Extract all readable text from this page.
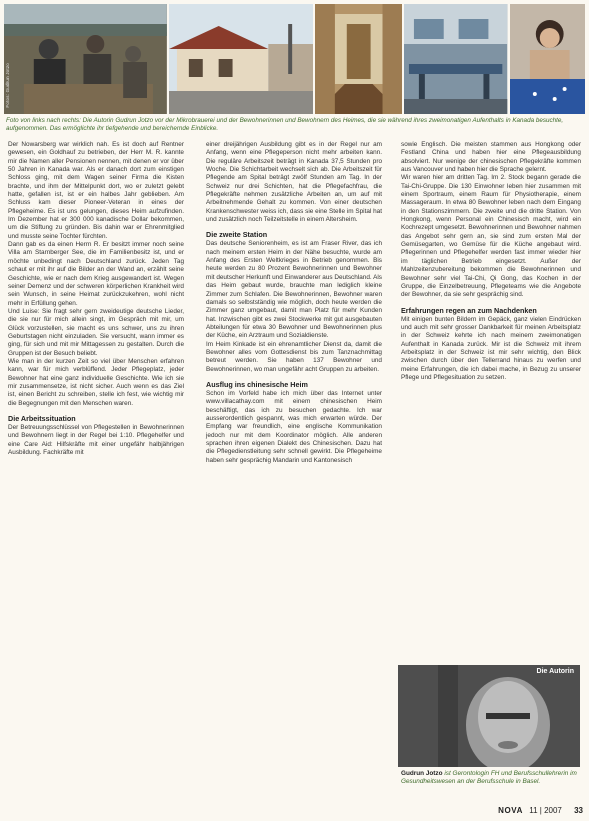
Fotos: Gudrun Jotzo
Foto von links nach rechts: Die Autorin Gudrun Jotzo vor der Mikrobrauerei und der Bewohnerinnen und Bewohnern des Heimes, die sie während ihres zweimonatigen Aufenthalts in Kanada besuchte, aufgenommen. Das ermöglichte ihr tiefgehende und bereichernde Einblicke.

Der Nowarsberg war wirklich nah. Es ist doch auf Rentner gewesen, ein Goldhauf zu betrieben, der Herr M. R. kannte mir die Namen aller Pensionen nennen, mit denen er vor über 50 Jahren in Kanada war. Als er danach dort zum einstigen Schloss ging, mit dem Wagen seiner Firma die Kisten brachte, und ihm der Mittelpunkt dort, wo er zuletzt gelebt hatte, gefallen ist, ist er ein halbes Jahr geblieben. Am Schluss kam dieser Pioneer-Veteran in eines der Pflegeheime. Es ist uns gelungen, dieses Heim aufzufinden. Im Dezember hat er 300 000 kanadische Dollar bekommen, um die Stiftung zu gründen. Bis dahin war er Ehrenmitglied und musste seine Tochter fürchten.

Dann gab es da einen Herrn R. Er besitzt immer noch seine Villa am Starnberger See, die im Familienbesitz ist, und er möchte unbedingt nach Deutschland zurück. Jeden Tag schaut er mit ihr auf die Bilder an der Wand an, erzählt seine Geschichte, wie er nach dem Krieg ausgewandert ist. Wegen seiner Demenz und der schweren körperlichen Krankheit wird sein Wunsch, in seine Heimat zurückzukehren, wohl nicht mehr in Erfüllung gehen.

Und Luise: Sie fragt sehr gern zweideutige deutsche Lieder, die sie nur für mich allein singt, im Gespräch mit mir, um Glück vorzustellen, sie macht es uns schwer, uns zu ihren Geburtstagen nicht einzuladen. Sie versucht, wann immer es ging, für sich und mit mir Mittagessen zu gestalten. Durch die Gruppen ist der Besuch beliebt.

Wie man in der kurzen Zeit so viel über Menschen erfahren kann, war für mich verblüffend. Jeder Pflegeplatz, jeder Bewohner hat eine ganz individuelle Geschichte. Wie ich sie mir zusammensetze, ist nicht sicher. Auch wenn es das Ziel ist, einen Bericht zu schreiben, stelle ich fest, wie wichtig mir die Begegnungen mit den Menschen waren.

Die Arbeitssituation

Der Betreuungsschlüssel von Pflegestellen in Bewohnerinnen und Bewohnern liegt in der Regel bei 1:10. Pflegehelfer und eine Care Aid: Hilfskräfte mit einer ungefähr halbjährigen Ausbildung. Fachkräfte mit

einer dreijährigen Ausbildung gibt es in der Regel nur am Anfang, wenn eine Pflegeperson nicht mehr arbeiten kann. Die reguläre Arbeitszeit beträgt in Kanada 37,5 Stunden pro Woche. Die Schichtarbeit wechselt sich ab. Die Arbeitszeit für Pflegende am Spital beträgt zwölf Stunden am Tag. In der Schweiz nur drei Schichten, hat die Pflegefachfrau, die Pflegekräfte nehmen zusätzliche Arbeiten an, um auf mit Arbeitnehmende Gehalt zu kommen. Von einer deutschen Krankenschwester weiss ich, dass sie eine Stelle im Spital hat und zusätzlich noch Teilzeitstelle in einem Altersheim.

Die zweite Station

Das deutsche Seniorenheim, es ist am Fraser River, das ich nach meinem ersten Heim in der Nähe besuchte, wurde am Anfang des Ersten Weltkrieges in Betrieb genommen. Bis heute werden zu 80 Prozent Bewohnerinnen und Bewohner mit deutscher Herkunft und Einwanderer aus Deutschland. Als das Heim gebaut wurde, brauchte man lediglich kleine Zimmer zum Schlafen. Die Bewohnerinnen, Bewohner waren damals so selbstständig wie möglich, doch heute werden die Zimmer ganz umgebaut, damit man Platz für mehr Kunden hat. Inzwischen gibt es zwei Stockwerke mit gut ausgebauten Abteilungen für etwa 30 Bewohner und Bewohnerinnen plus der Küche, ein Arztraum und Sozialdienste.

Im Heim Kinkade ist ein ehrenamtlicher Dienst da, damit die Bewohner alles vom Gottesdienst bis zum Tanznachmittag betreut werden. Sie haben 137 Bewohner und Bewohnerinnen, wo man ungefähr acht Gruppen zu arbeiten.

Ausflug ins chinesische Heim

Schon im Vorfeld habe ich mich über das Internet unter www.villacathay.com mit einem chinesischen Heim beschäftigt, das ich zu besuchen gedachte. Ich war ausserordentlich gespannt, was mich erwarten würde. Der Empfang war freundlich, eine englische Kommunikation jedoch nur mit dem Koordinator möglich. Alle anderen sprachen ihren eigenen Dialekt des Chinesischen. Dazu hat die Pflegedienstleitung sehr schnell gewirkt. Die Pflegeheime haben sehr gesprächig Mandarin und Kantonesisch

sowie Englisch. Die meisten stammen aus Hongkong oder Festland China und haben hier eine Pflegeausbildung absolviert. Nur wenige der chinesischen Pflegekräfte kommen aus Vancouver und haben hier die Sprache gelernt.

Wir waren hier am dritten Tag. Im 2. Stock begann gerade die Tai-Chi-Gruppe. Die 130 Einwohner leben hier zusammen mit einem Sportraum, einem Raum für Physiotherapie, einem Massageraum. In etwa 80 Bewohner leben nach dem Eingang in den Stationszimmern. Die zweite und die dritte Station. Von Hongkong, wenn Personal ein Chinesisch macht, wird ein Kochrezept umgesetzt. Bewohnerinnen und Bewohner nahmen das Angebot sehr gern an, sie sind zum ersten Mal der Gemüsegarten, wo Gemüse für die Küche angebaut wird. Pflegerinnen und Pflegehelfer werden fast immer wieder hier im täglichen Betrieb eingesetzt. Außer der Mahlzeitenzubereitung bekommen die Bewohnerinnen und Bewohner sehr viel Tai-Chi, Qi Gong, das Kochen in der Gruppe, die Einzelbetreuung, Pflegeteams wie die Angebote der Bewohner, da sie sehr gesprächig sind.

Erfahrungen regen an zum Nachdenken

Mit einigen bunten Bildern im Gepäck, ganz vielen Eindrücken und auch mit sehr grosser Dankbarkeit für meinen Arbeitsplatz in der Schweiz kehrte ich nach meinem zweimonatigen Aufenthalt in Kanada zurück. Mir ist die Schweiz mit ihrem Arbeitsplatz in der Schweiz ist mir sehr wichtig, den Blick zwischen durch über den Tellerrand hinaus zu werfen und meine Erfahrungen, die ich dabei mache, in Bezug zu unserer Pflege und Pflegesituation zu setzen.

Die Autorin
Gudrun Jotzo ist Gerontologin FH und Berufsschullehrerin im Gesundheitswesen an der Berufsschule in Basel.
NOVA 11 | 2007 33
